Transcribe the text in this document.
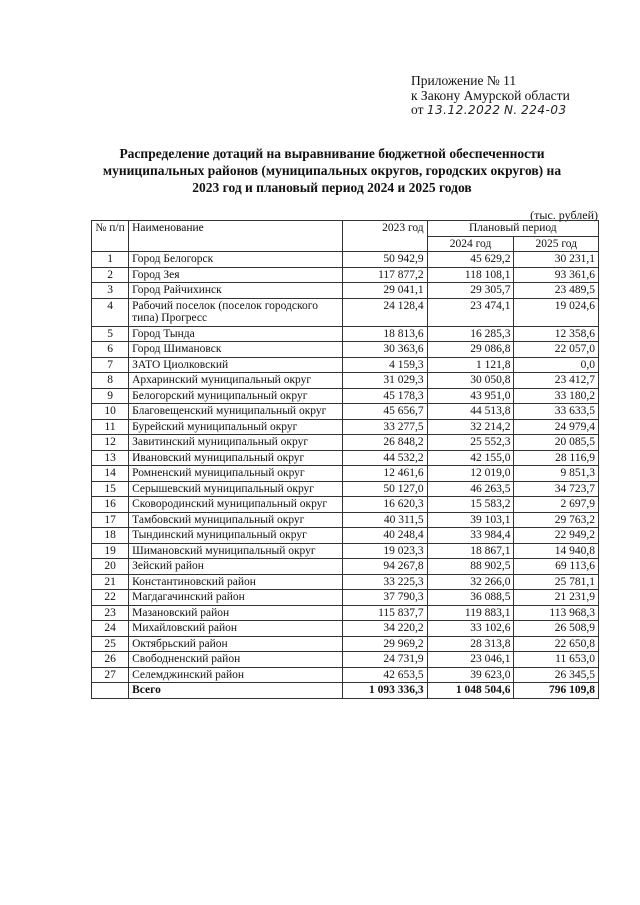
Приложение № 11
к Закону Амурской области
от 13.12.2022 N. 224-03
Распределение дотаций на выравнивание бюджетной обеспеченности
муниципальных районов (муниципальных округов, городских округов) на
2023 год и плановый период 2024 и 2025 годов
(тыс. рублей)
№ п/п	Наименование	2023 год	Плановый период	
			2024 год	2025 год
1	Город Белогорск	50 942,9	45 629,2	30 231,1
2	Город Зея	117 877,2	118 108,1	93 361,6
3	Город Райчихинск	29 041,1	29 305,7	23 489,5
4	Рабочий поселок (поселок городского типа) Прогресс	24 128,4	23 474,1	19 024,6
5	Город Тында	18 813,6	16 285,3	12 358,6
6	Город Шимановск	30 363,6	29 086,8	22 057,0
7	ЗАТО Циолковский	4 159,3	1 121,8	0,0
8	Архаринский муниципальный округ	31 029,3	30 050,8	23 412,7
9	Белогорский муниципальный округ	45 178,3	43 951,0	33 180,2
10	Благовещенский муниципальный округ	45 656,7	44 513,8	33 633,5
11	Бурейский муниципальный округ	33 277,5	32 214,2	24 979,4
12	Завитинский муниципальный округ	26 848,2	25 552,3	20 085,5
13	Ивановский муниципальный округ	44 532,2	42 155,0	28 116,9
14	Ромненский муниципальный округ	12 461,6	12 019,0	9 851,3
15	Серышевский муниципальный округ	50 127,0	46 263,5	34 723,7
16	Сковородинский муниципальный округ	16 620,3	15 583,2	2 697,9
17	Тамбовский муниципальный округ	40 311,5	39 103,1	29 763,2
18	Тындинский муниципальный округ	40 248,4	33 984,4	22 949,2
19	Шимановский муниципальный округ	19 023,3	18 867,1	14 940,8
20	Зейский район	94 267,8	88 902,5	69 113,6
21	Константиновский район	33 225,3	32 266,0	25 781,1
22	Магдагачинский район	37 790,3	36 088,5	21 231,9
23	Мазановский район	115 837,7	119 883,1	113 968,3
24	Михайловский район	34 220,2	33 102,6	26 508,9
25	Октябрьский район	29 969,2	28 313,8	22 650,8
26	Свободненский район	24 731,9	23 046,1	11 653,0
27	Селемджинский район	42 653,5	39 623,0	26 345,5
	Всего	1 093 336,3	1 048 504,6	796 109,8
